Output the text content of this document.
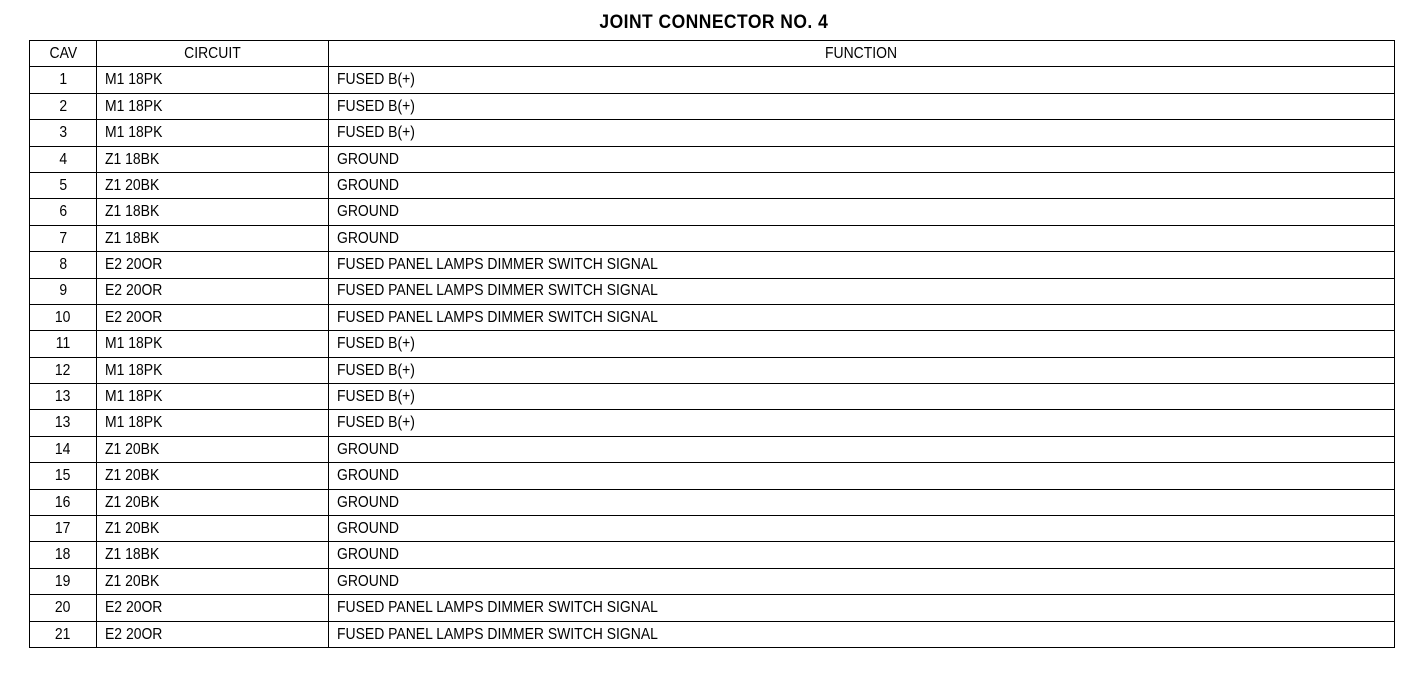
JOINT CONNECTOR NO. 4
CAV	CIRCUIT	FUNCTION
1	M1 18PK	FUSED B(+)
2	M1 18PK	FUSED B(+)
3	M1 18PK	FUSED B(+)
4	Z1 18BK	GROUND
5	Z1 20BK	GROUND
6	Z1 18BK	GROUND
7	Z1 18BK	GROUND
8	E2 20OR	FUSED PANEL LAMPS DIMMER SWITCH SIGNAL
9	E2 20OR	FUSED PANEL LAMPS DIMMER SWITCH SIGNAL
10	E2 20OR	FUSED PANEL LAMPS DIMMER SWITCH SIGNAL
11	M1 18PK	FUSED B(+)
12	M1 18PK	FUSED B(+)
13	M1 18PK	FUSED B(+)
13	M1 18PK	FUSED B(+)
14	Z1 20BK	GROUND
15	Z1 20BK	GROUND
16	Z1 20BK	GROUND
17	Z1 20BK	GROUND
18	Z1 18BK	GROUND
19	Z1 20BK	GROUND
20	E2 20OR	FUSED PANEL LAMPS DIMMER SWITCH SIGNAL
21	E2 20OR	FUSED PANEL LAMPS DIMMER SWITCH SIGNAL
